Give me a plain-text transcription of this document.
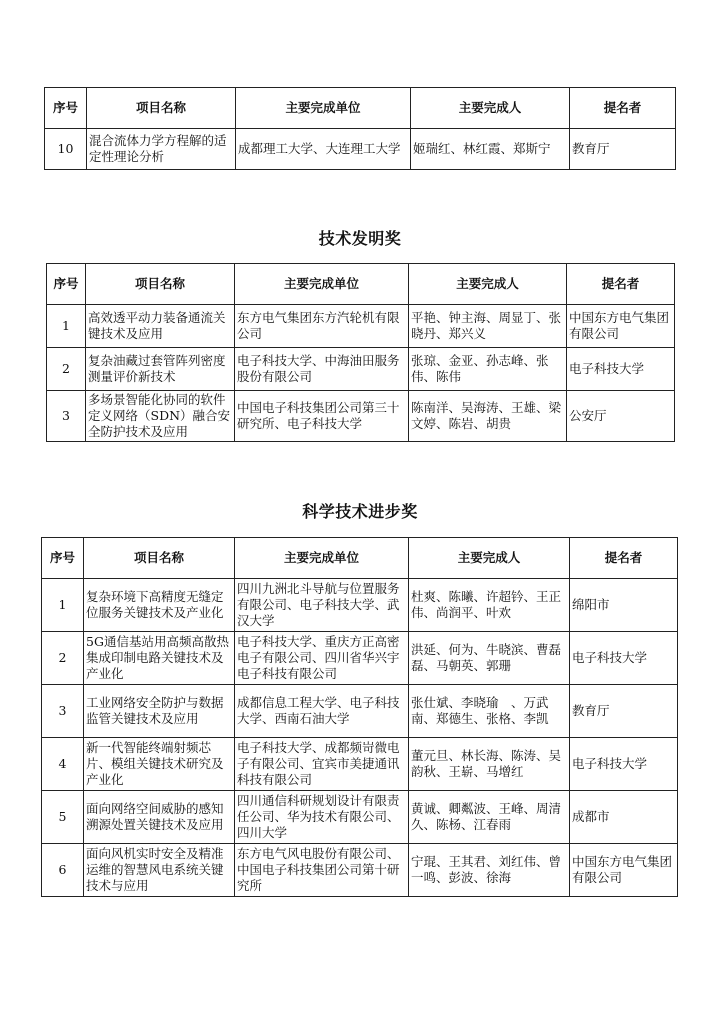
序号	项目名称	主要完成单位	主要完成人	提名者
10	混合流体力学方程解的适定性理论分析	成都理工大学、大连理工大学	姬瑞红、林红霞、郑斯宁	教育厅
技术发明奖
序号	项目名称	主要完成单位	主要完成人	提名者
1	高效透平动力装备通流关键技术及应用	东方电气集团东方汽轮机有限公司	平艳、钟主海、周显丁、张晓丹、郑兴义	中国东方电气集团有限公司
2	复杂油藏过套管阵列密度测量评价新技术	电子科技大学、中海油田服务股份有限公司	张琼、金亚、孙志峰、张伟、陈伟	电子科技大学
3	多场景智能化协同的软件定义网络（SDN）融合安全防护技术及应用	中国电子科技集团公司第三十研究所、电子科技大学	陈南洋、吴海涛、王雄、梁文婷、陈岩、胡贵	公安厅
科学技术进步奖
序号	项目名称	主要完成单位	主要完成人	提名者
1	复杂环境下高精度无缝定位服务关键技术及产业化	四川九洲北斗导航与位置服务有限公司、电子科技大学、武汉大学	杜爽、陈曦、许超钤、王正伟、尚润平、叶欢	绵阳市
2	5G通信基站用高频高散热集成印制电路关键技术及产业化	电子科技大学、重庆方正高密电子有限公司、四川省华兴宇电子科技有限公司	洪延、何为、牛晓滨、曹磊磊、马朝英、郭珊	电子科技大学
3	工业网络安全防护与数据监管关键技术及应用	成都信息工程大学、电子科技大学、西南石油大学	张仕斌、李晓瑜　、万武南、郑德生、张格、李凯	教育厅
4	新一代智能终端射频芯片、模组关键技术研究及产业化	电子科技大学、成都频岢微电子有限公司、宜宾市美捷通讯科技有限公司	董元旦、林长海、陈涛、吴韵秋、王崭、马增红	电子科技大学
5	面向网络空间威胁的感知溯源处置关键技术及应用	四川通信科研规划设计有限责任公司、华为技术有限公司、四川大学	黄诚、卿粼波、王峰、周清久、陈杨、江春雨	成都市
6	面向风机实时安全及精准运维的智慧风电系统关键技术与应用	东方电气风电股份有限公司、中国电子科技集团公司第十研究所	宁琨、王其君、刘红伟、曾一鸣、彭波、徐海	中国东方电气集团有限公司
